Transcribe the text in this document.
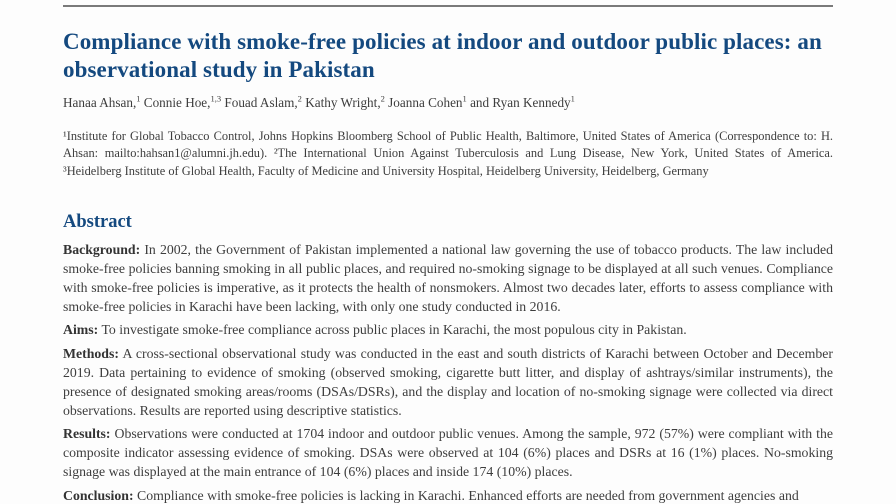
Compliance with smoke-free policies at indoor and outdoor public places: an observational study in Pakistan

Hanaa Ahsan,$^1$ Connie Hoe,$^{1,3}$ Fouad Aslam,$^2$ Kathy Wright,$^2$ Joanna Cohen$^1$ and Ryan Kennedy$^1$

¹Institute for Global Tobacco Control, Johns Hopkins Bloomberg School of Public Health, Baltimore, United States of America (Correspondence to: H. Ahsan: mailto:hahsan1@alumni.jh.edu). ²The International Union Against Tuberculosis and Lung Disease, New York, United States of America. ³Heidelberg Institute of Global Health, Faculty of Medicine and University Hospital, Heidelberg University, Heidelberg, Germany

Abstract

Background: In 2002, the Government of Pakistan implemented a national law governing the use of tobacco products. The law included smoke-free policies banning smoking in all public places, and required no-smoking signage to be displayed at all such venues. Compliance with smoke-free policies is imperative, as it protects the health of nonsmokers. Almost two decades later, efforts to assess compliance with smoke-free policies in Karachi have been lacking, with only one study conducted in 2016.

Aims: To investigate smoke-free compliance across public places in Karachi, the most populous city in Pakistan.

Methods: A cross-sectional observational study was conducted in the east and south districts of Karachi between October and December 2019. Data pertaining to evidence of smoking (observed smoking, cigarette butt litter, and display of ashtrays/similar instruments), the presence of designated smoking areas/rooms (DSAs/DSRs), and the display and location of no-smoking signage were collected via direct observations. Results are reported using descriptive statistics.

Results: Observations were conducted at 1704 indoor and outdoor public venues. Among the sample, 972 (57%) were compliant with the composite indicator assessing evidence of smoking. DSAs were observed at 104 (6%) places and DSRs at 16 (1%) places. No-smoking signage was displayed at the main entrance of 104 (6%) places and inside 174 (10%) places.

Conclusion: Compliance with smoke-free policies is lacking in Karachi. Enhanced efforts are needed from government agencies and
